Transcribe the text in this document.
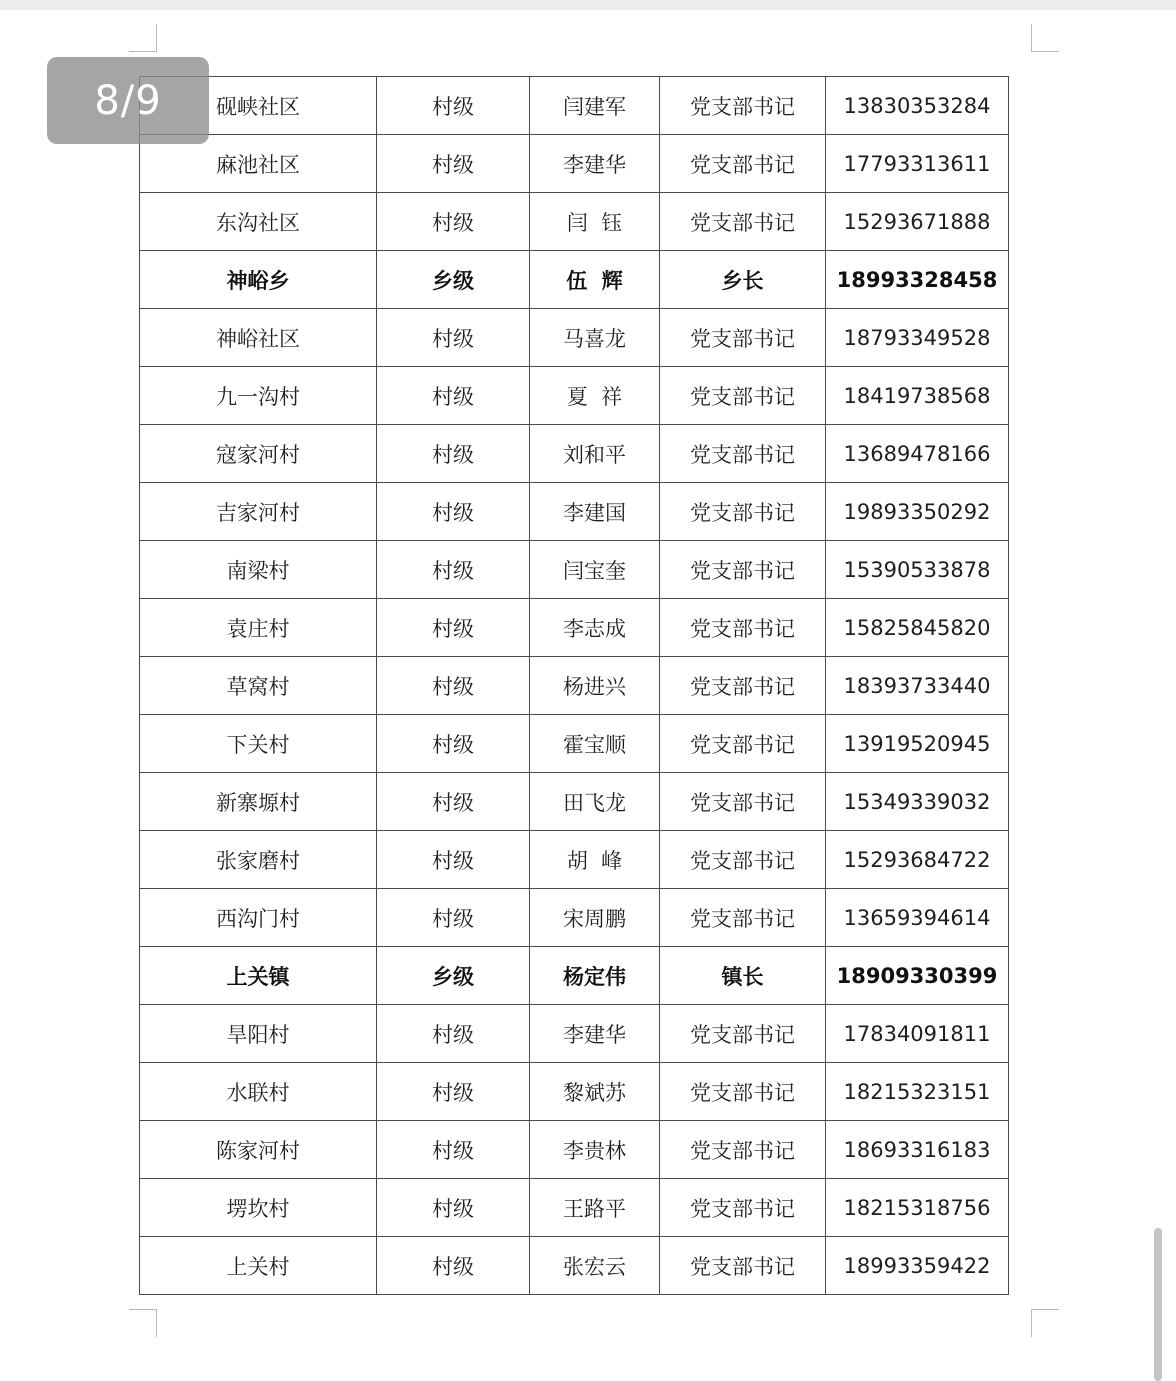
砚峡社区	村级	闫建军	党支部书记	13830353284
麻池社区	村级	李建华	党支部书记	17793313611
东沟社区	村级	闫  钰	党支部书记	15293671888
神峪乡	乡级	伍  辉	乡长	18993328458
神峪社区	村级	马喜龙	党支部书记	18793349528
九一沟村	村级	夏  祥	党支部书记	18419738568
寇家河村	村级	刘和平	党支部书记	13689478166
吉家河村	村级	李建国	党支部书记	19893350292
南梁村	村级	闫宝奎	党支部书记	15390533878
袁庄村	村级	李志成	党支部书记	15825845820
草窝村	村级	杨进兴	党支部书记	18393733440
下关村	村级	霍宝顺	党支部书记	13919520945
新寨塬村	村级	田飞龙	党支部书记	15349339032
张家磨村	村级	胡  峰	党支部书记	15293684722
西沟门村	村级	宋周鹏	党支部书记	13659394614
上关镇	乡级	杨定伟	镇长	18909330399
旱阳村	村级	李建华	党支部书记	17834091811
水联村	村级	黎斌苏	党支部书记	18215323151
陈家河村	村级	李贵林	党支部书记	18693316183
塄坎村	村级	王路平	党支部书记	18215318756
上关村	村级	张宏云	党支部书记	18993359422
8/9
